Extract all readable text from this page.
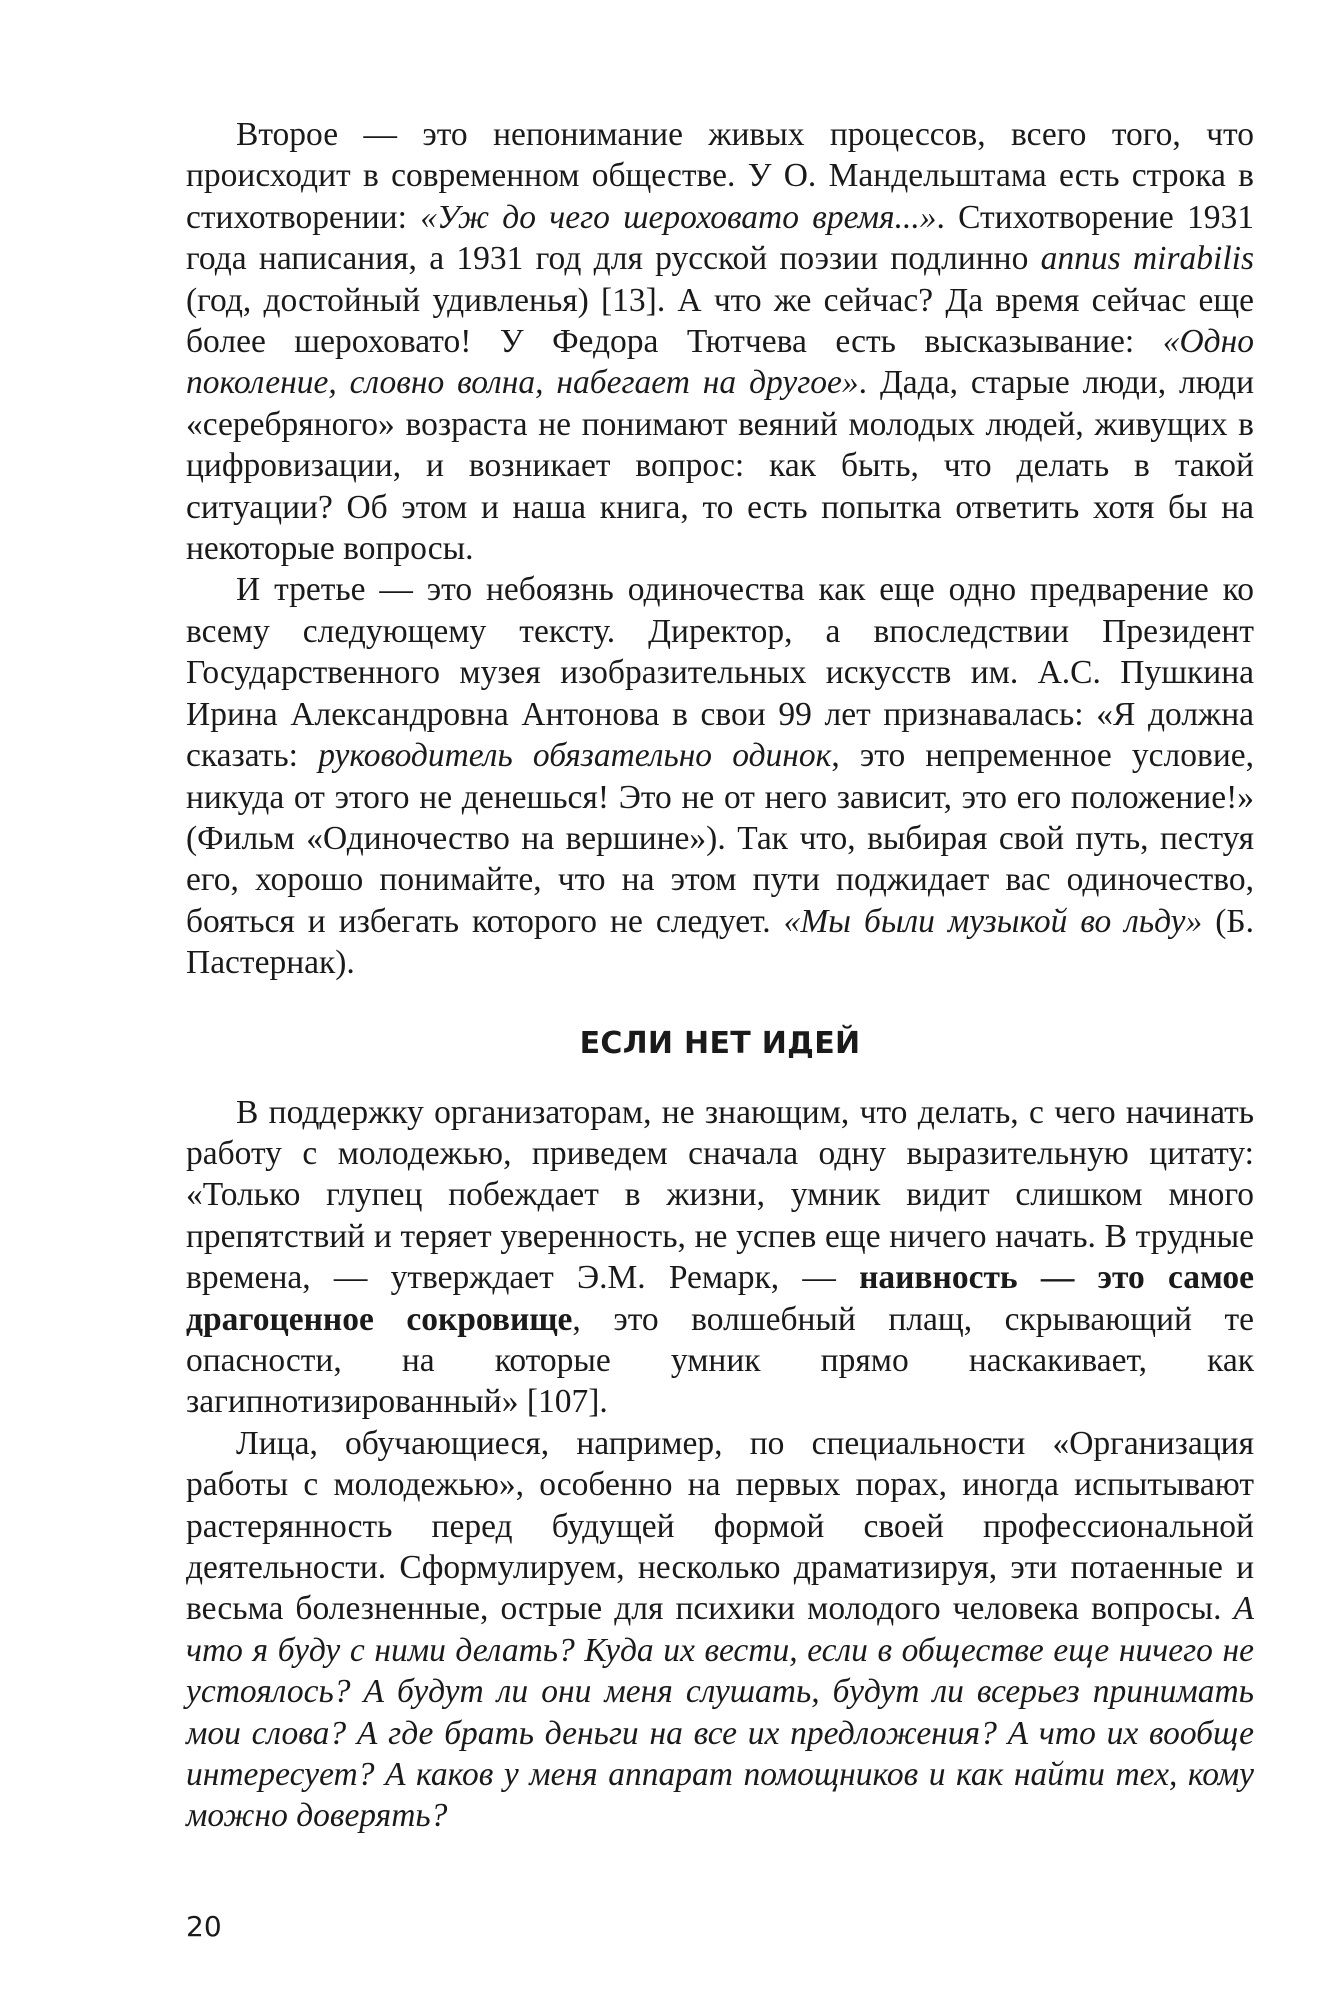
Второе — это непонимание живых процессов, всего того, что происходит в современном обществе. У О. Мандельштама есть строка в стихотворении: «Уж до чего шероховато время...». Стихотворение 1931 года написания, а 1931 год для русской поэзии подлинно annus mirabilis (год, достойный удивленья) [13]. А что же сейчас? Да время сейчас еще более шероховато! У Федора Тютчева есть высказывание: «Одно поколение, словно волна, набегает на другое». Дада, старые люди, люди «серебряного» возраста не понимают веяний молодых людей, живущих в цифровизации, и возникает вопрос: как быть, что делать в такой ситуации? Об этом и наша книга, то есть попытка ответить хотя бы на некоторые вопросы.

И третье — это небоязнь одиночества как еще одно предварение ко всему следующему тексту. Директор, а впоследствии Президент Государственного музея изобразительных искусств им. А.С. Пушкина Ирина Александровна Антонова в свои 99 лет признавалась: «Я должна сказать: руководитель обязательно одинок, это непременное условие, никуда от этого не денешься! Это не от него зависит, это его положение!» (Фильм «Одиночество на вершине»). Так что, выбирая свой путь, пестуя его, хорошо понимайте, что на этом пути поджидает вас одиночество, бояться и избегать которого не следует. «Мы были музыкой во льду» (Б. Пастернак).

ЕСЛИ НЕТ ИДЕЙ

В поддержку организаторам, не знающим, что делать, с чего начинать работу с молодежью, приведем сначала одну выразительную цитату: «Только глупец побеждает в жизни, умник видит слишком много препятствий и теряет уверенность, не успев еще ничего начать. В трудные времена, — утверждает Э.М. Ремарк, — наивность — это самое драгоценное сокровище, это волшебный плащ, скрывающий те опасности, на которые умник прямо наскакивает, как загипнотизированный» [107].

Лица, обучающиеся, например, по специальности «Организация работы с молодежью», особенно на первых порах, иногда испытывают растерянность перед будущей формой своей профессиональной деятельности. Сформулируем, несколько драматизируя, эти потаенные и весьма болезненные, острые для психики молодого человека вопросы. А что я буду с ними делать? Куда их вести, если в обществе еще ничего не устоялось? А будут ли они меня слушать, будут ли всерьез принимать мои слова? А где брать деньги на все их предложения? А что их вообще интересует? А каков у меня аппарат помощников и как найти тех, кому можно доверять?

20
